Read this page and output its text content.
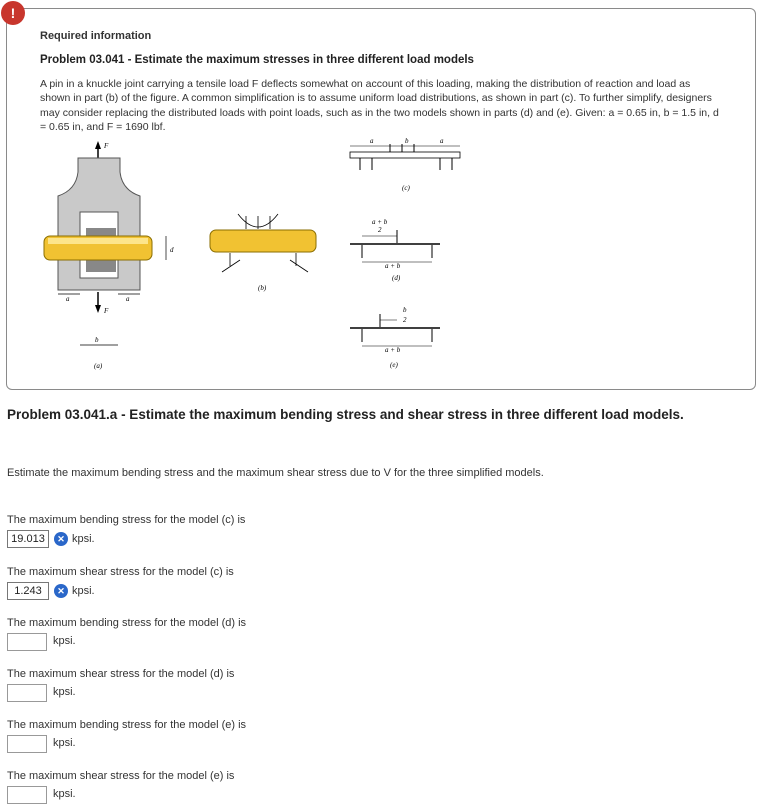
!
Required information
Problem 03.041 - Estimate the maximum stresses in three different load models
A pin in a knuckle joint carrying a tensile load F deflects somewhat on account of this loading, making the distribution of reaction and load as shown in part (b) of the figure. A common simplification is to assume uniform load distributions, as shown in part (c). To further simplify, designers may consider replacing the distributed loads with point loads, such as in the two models shown in parts (d) and (e). Given: a = 0.65 in, b = 1.5 in, d = 0.65 in, and F = 1690 lbf.
F
F
d
a	a
b
(a)
(b)
a	b	a
(c)
a + b
2
a + b
(d)
b
2
a + b
(e)
Problem 03.041.a - Estimate the maximum bending stress and shear stress in three different load models.
Estimate the maximum bending stress and the maximum shear stress due to V for the three simplified models.
The maximum bending stress for the model (c) is
19.013	✕ kpsi.
The maximum shear stress for the model (c) is
1.243	✕ kpsi.
The maximum bending stress for the model (d) is
kpsi.
The maximum shear stress for the model (d) is
kpsi.
The maximum bending stress for the model (e) is
kpsi.
The maximum shear stress for the model (e) is
kpsi.
